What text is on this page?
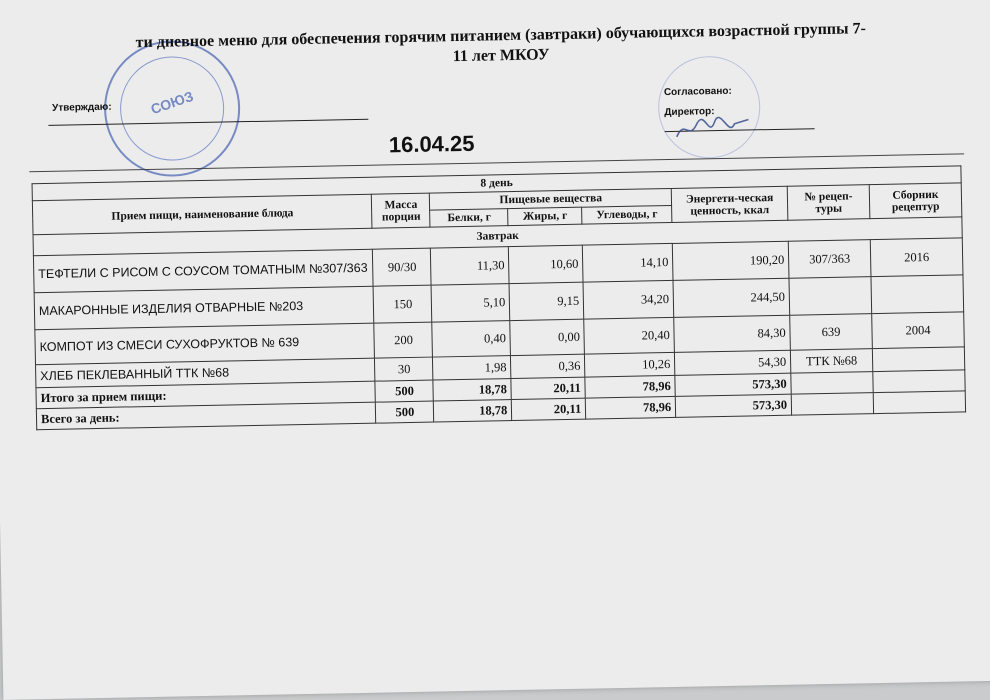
СОЮЗ
ти дневное меню для обеспечения горячим питанием (завтраки) обучающихся возрастной группы 7-
11 лет МКОУ
Утверждаю:
Согласовано:
Директор:
16.04.25
8 день							
Прием пищи, наименование блюда	Масса порции	Пищевые вещества			Энергети-ческая ценность, ккал	№ рецеп-туры	Сборник рецептур
		Белки, г	Жиры, г	Углеводы, г			
Завтрак							
ТЕФТЕЛИ С РИСОМ С СОУСОМ ТОМАТНЫМ №307/363	90/30	11,30	10,60	14,10	190,20	307/363	2016
МАКАРОННЫЕ ИЗДЕЛИЯ ОТВАРНЫЕ №203	150	5,10	9,15	34,20	244,50		
КОМПОТ ИЗ СМЕСИ СУХОФРУКТОВ № 639	200	0,40	0,00	20,40	84,30	639	2004
ХЛЕБ ПЕКЛЕВАННЫЙ ТТК №68	30	1,98	0,36	10,26	54,30	ТТК №68	
Итого за прием пищи:	500	18,78	20,11	78,96	573,30		
Всего за день:	500	18,78	20,11	78,96	573,30		
